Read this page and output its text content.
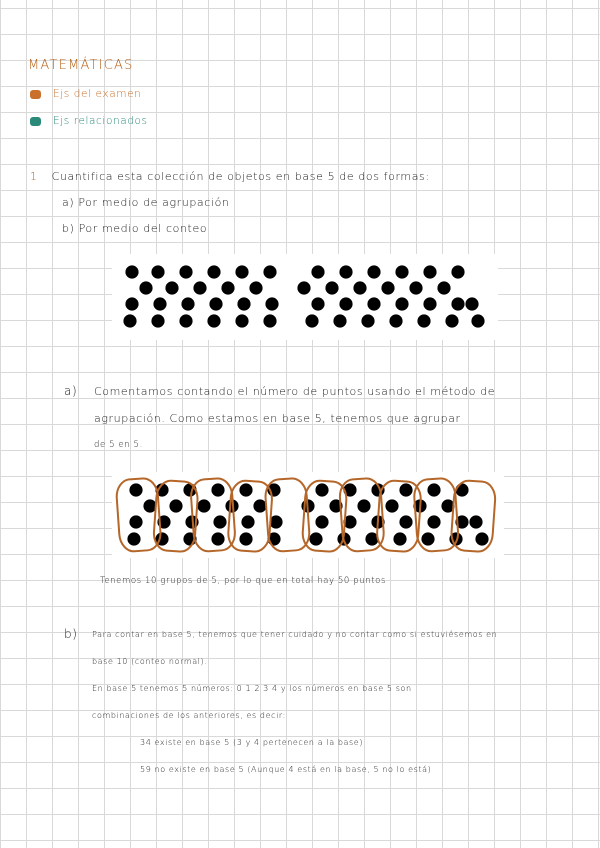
MATEMÁTICAS
Ejs del examen
Ejs relacionados
1 Cuantifica esta colección de objetos en base 5 de dos formas:
a) Por medio de agrupación
b) Por medio del conteo
a) Comentamos contando el número de puntos usando el método de
agrupación. Como estamos en base 5, tenemos que agrupar
de 5 en 5.
Tenemos 10 grupos de 5, por lo que en total hay 50 puntos
b) Para contar en base 5, tenemos que tener cuidado y no contar como si estuviésemos en
base 10 (conteo normal).
En base 5 tenemos 5 números: 0 1 2 3 4 y los números en base 5 son
combinaciones de los anteriores, es decir:
34 existe en base 5 (3 y 4 pertenecen a la base)
59 no existe en base 5 (Aunque 4 está en la base, 5 no lo está)
